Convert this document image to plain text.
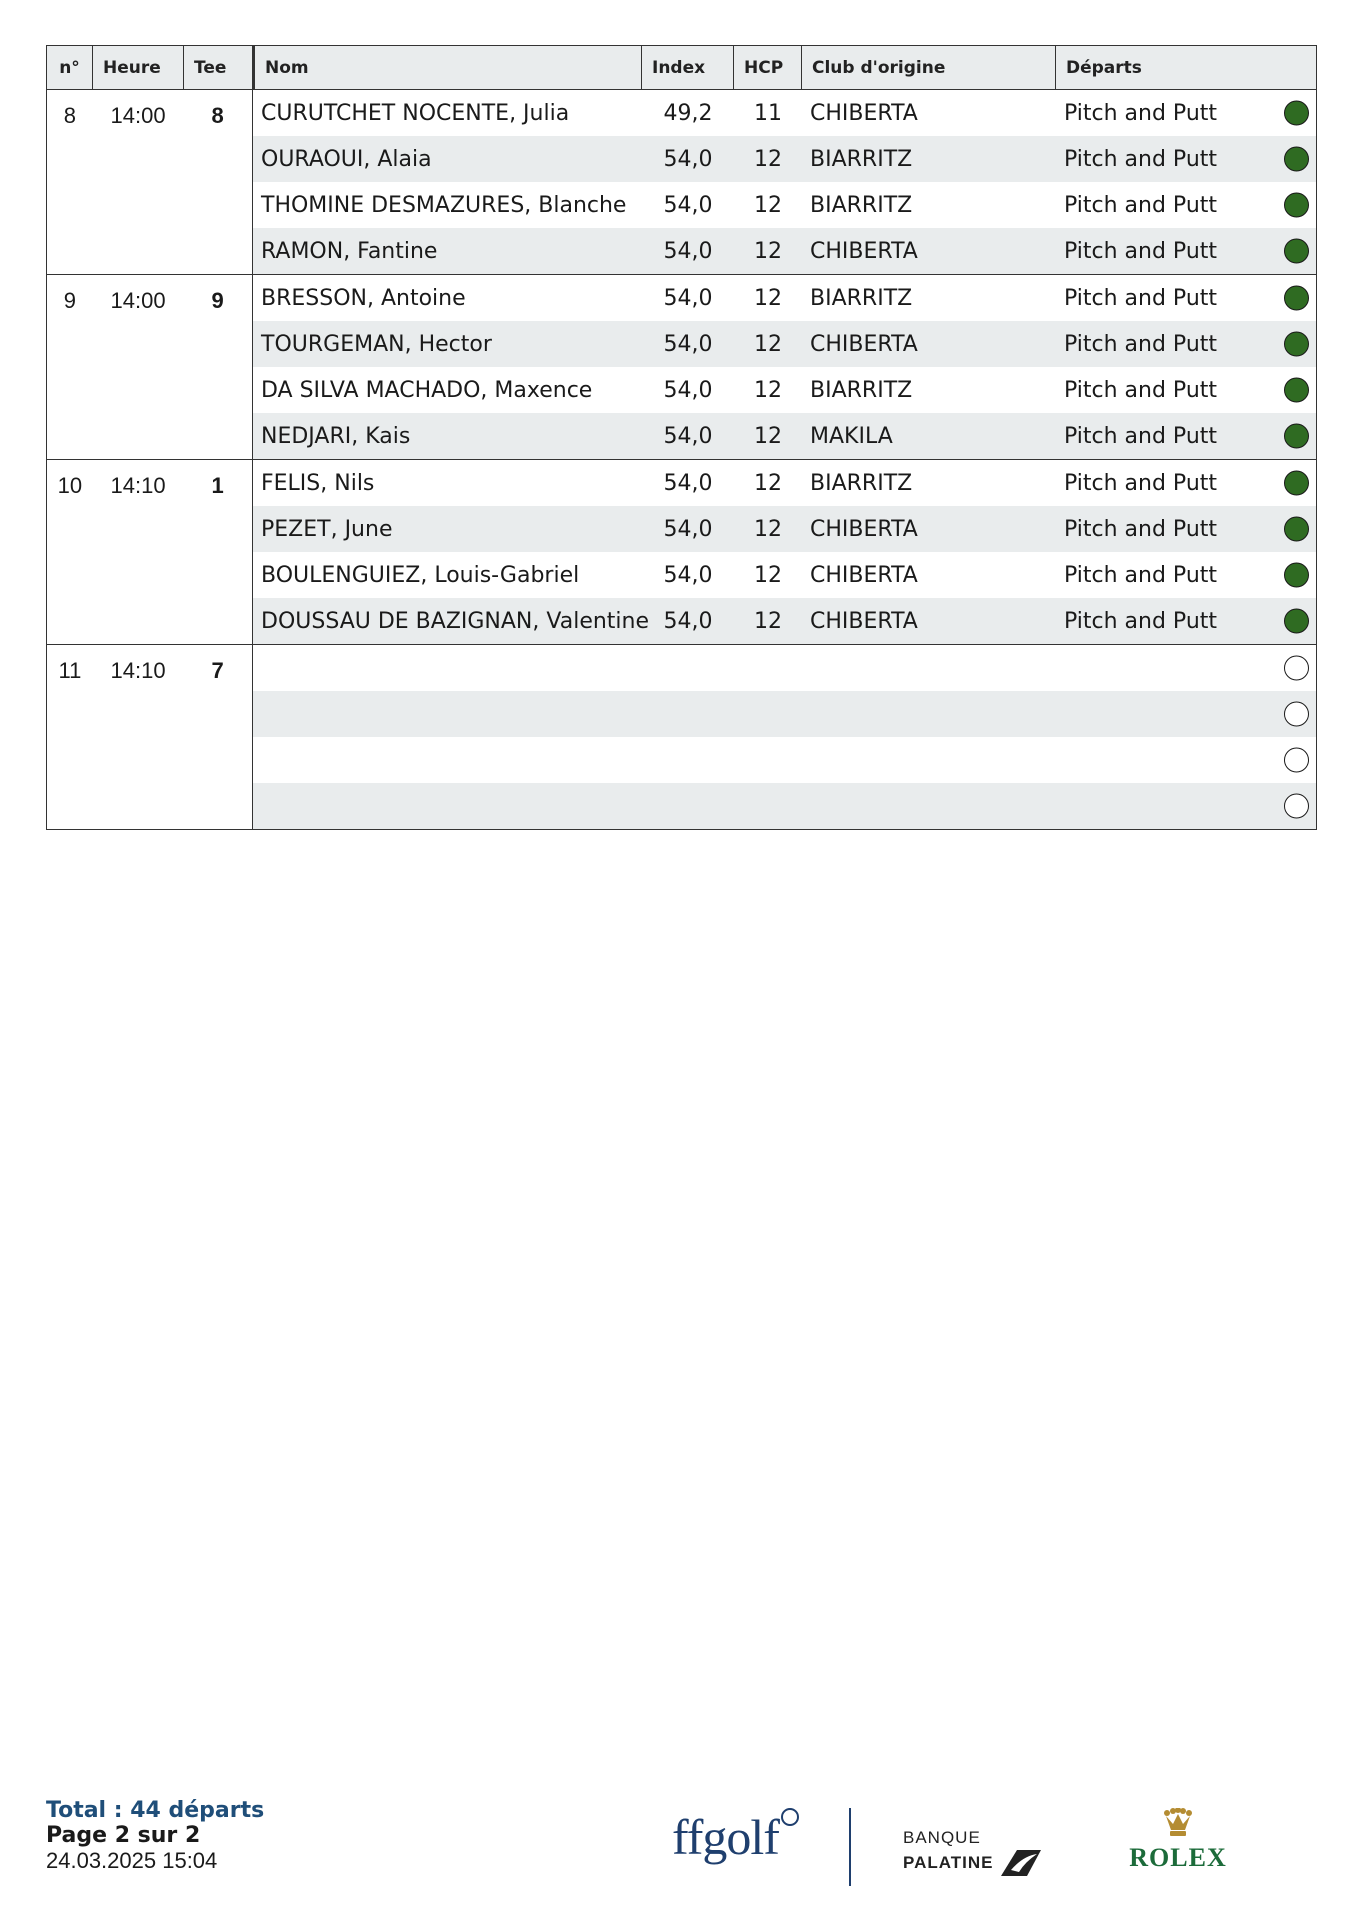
n°	Heure	Tee	Nom	Index	HCP	Club d'origine	Départs
8	14:00	8	CURUTCHET NOCENTE, Julia	49,2	11	CHIBERTA	Pitch and Putt
OURAOUI, Alaia	54,0	12	BIARRITZ	Pitch and Putt
THOMINE DESMAZURES, Blanche	54,0	12	BIARRITZ	Pitch and Putt
RAMON, Fantine	54,0	12	CHIBERTA	Pitch and Putt
9	14:00	9	BRESSON, Antoine	54,0	12	BIARRITZ	Pitch and Putt
TOURGEMAN, Hector	54,0	12	CHIBERTA	Pitch and Putt
DA SILVA MACHADO, Maxence	54,0	12	BIARRITZ	Pitch and Putt
NEDJARI, Kais	54,0	12	MAKILA	Pitch and Putt
10	14:10	1	FELIS, Nils	54,0	12	BIARRITZ	Pitch and Putt
PEZET, June	54,0	12	CHIBERTA	Pitch and Putt
BOULENGUIEZ, Louis-Gabriel	54,0	12	CHIBERTA	Pitch and Putt
DOUSSAU DE BAZIGNAN, Valentine 54,0	12	CHIBERTA	Pitch and Putt
11	14:10	7
Total : 44 départs
Page 2 sur 2
24.03.2025 15:04	ffgolf	BANQUE
PALATINE	ROLEX
